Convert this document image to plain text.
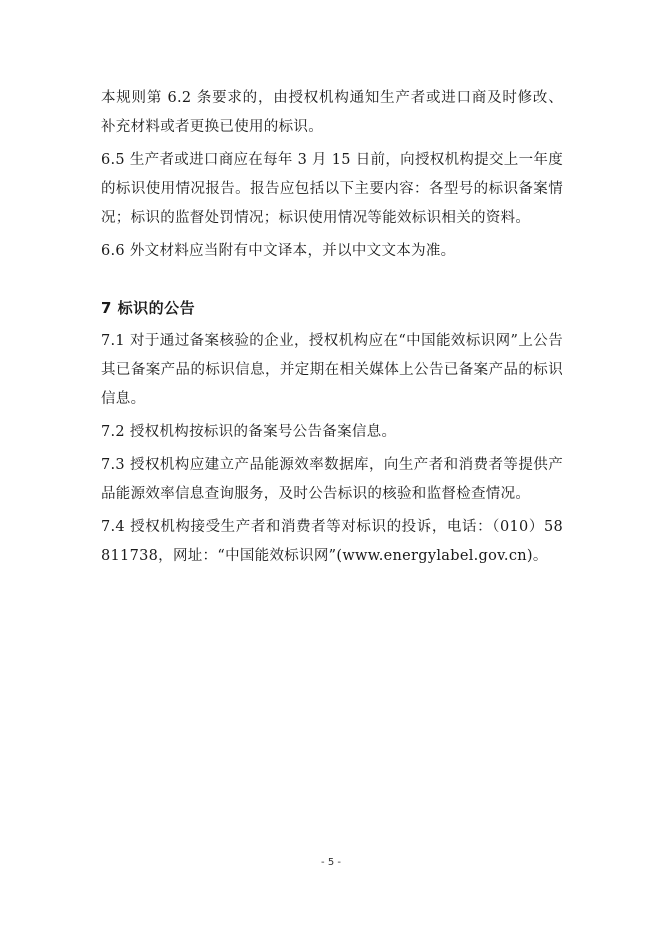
本规则第 6.2 条要求的，由授权机构通知生产者或进口商及时修改、补充材料或者更换已使用的标识。

6.5 生产者或进口商应在每年 3 月 15 日前，向授权机构提交上一年度的标识使用情况报告。报告应包括以下主要内容：各型号的标识备案情况；标识的监督处罚情况；标识使用情况等能效标识相关的资料。

6.6 外文材料应当附有中文译本，并以中文文本为准。

7 标识的公告

7.1 对于通过备案核验的企业，授权机构应在“中国能效标识网”上公告其已备案产品的标识信息，并定期在相关媒体上公告已备案产品的标识信息。

7.2 授权机构按标识的备案号公告备案信息。

7.3 授权机构应建立产品能源效率数据库，向生产者和消费者等提供产品能源效率信息查询服务，及时公告标识的核验和监督检查情况。

7.4 授权机构接受生产者和消费者等对标识的投诉，电话：（010）58811738，网址：“中国能效标识网”(www.energylabel.gov.cn)。

- 5 -
